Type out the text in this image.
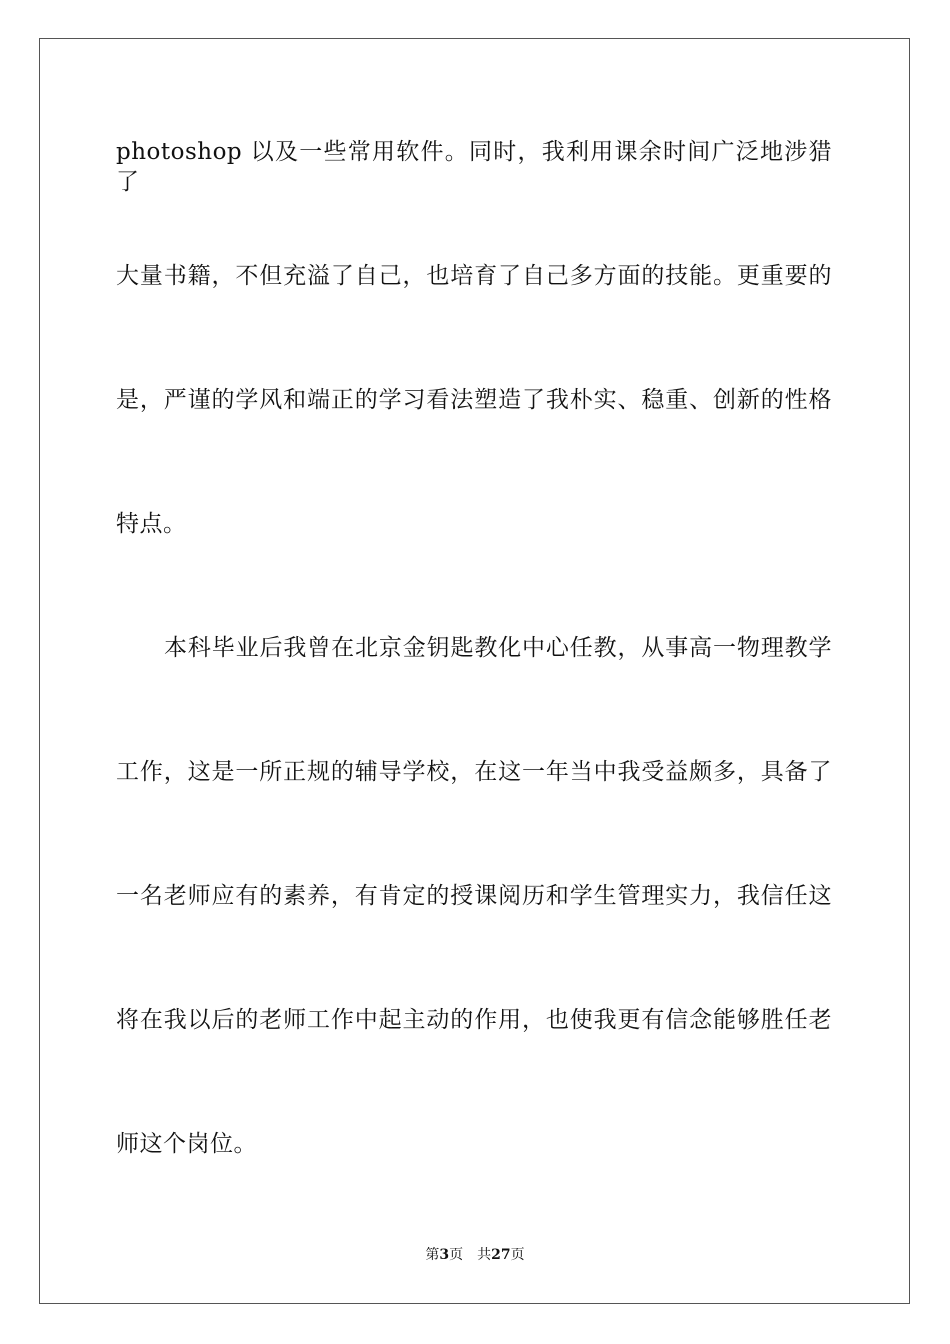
photoshop 以及一些常用软件。同时，我利用课余时间广泛地涉猎了
大量书籍，不但充溢了自己，也培育了自己多方面的技能。更重要的
是，严谨的学风和端正的学习看法塑造了我朴实、稳重、创新的性格
特点。
本科毕业后我曾在北京金钥匙教化中心任教，从事高一物理教学
工作，这是一所正规的辅导学校，在这一年当中我受益颇多，具备了
一名老师应有的素养，有肯定的授课阅历和学生管理实力，我信任这
将在我以后的老师工作中起主动的作用，也使我更有信念能够胜任老
师这个岗位。
第3页 共27页
